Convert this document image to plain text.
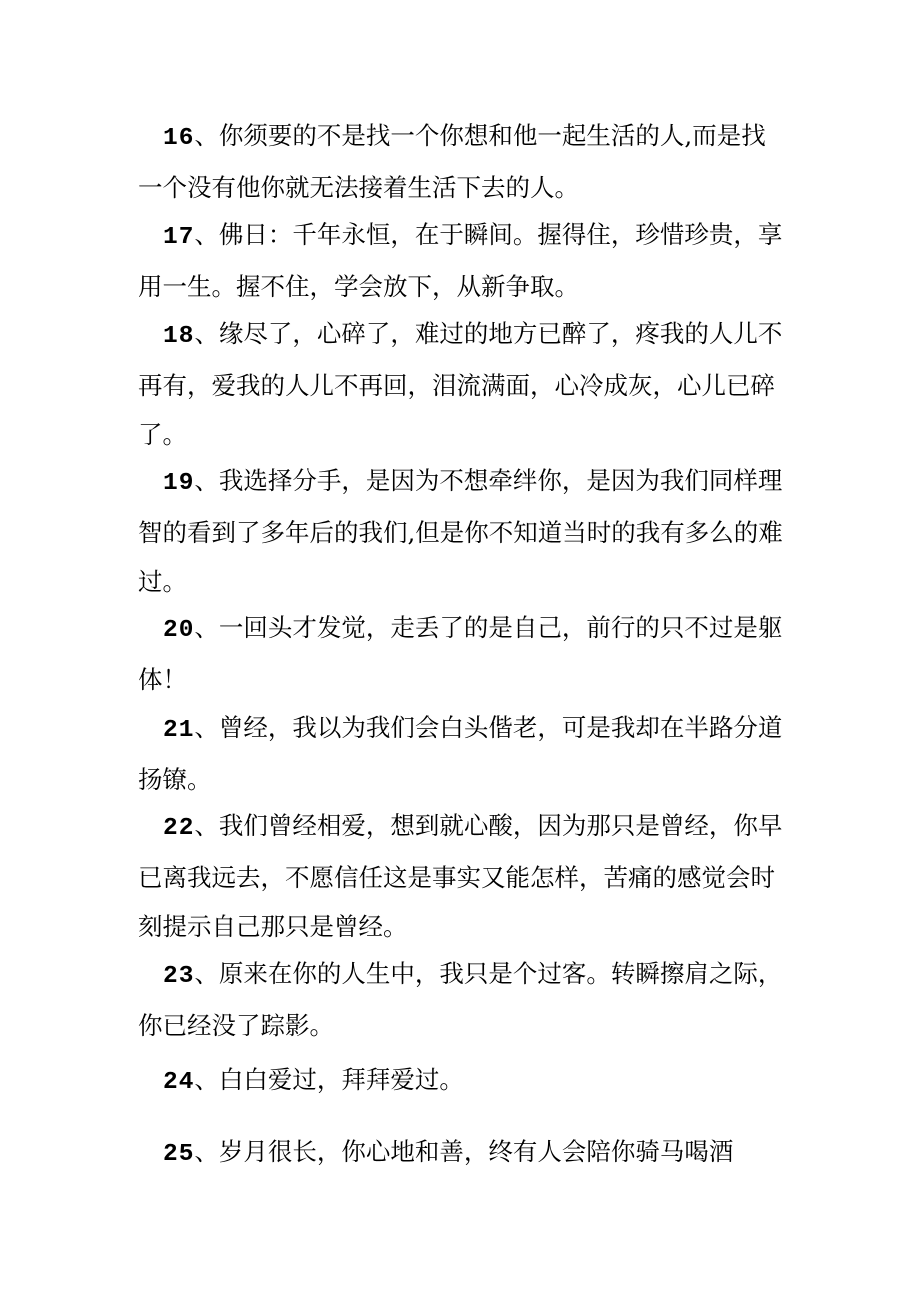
16、你须要的不是找一个你想和他一起生活的人,而是找一个没有他你就无法接着生活下去的人。

17、佛日：千年永恒，在于瞬间。握得住，珍惜珍贵，享用一生。握不住，学会放下，从新争取。

18、缘尽了，心碎了，难过的地方已醉了，疼我的人儿不再有，爱我的人儿不再回，泪流满面，心冷成灰，心儿已碎了。

19、我选择分手，是因为不想牵绊你，是因为我们同样理智的看到了多年后的我们,但是你不知道当时的我有多么的难过。

20、一回头才发觉，走丢了的是自己，前行的只不过是躯体！

21、曾经，我以为我们会白头偕老，可是我却在半路分道扬镣。

22、我们曾经相爱，想到就心酸，因为那只是曾经，你早已离我远去，不愿信任这是事实又能怎样，苦痛的感觉会时刻提示自己那只是曾经。

23、原来在你的人生中，我只是个过客。转瞬擦肩之际，你已经没了踪影。

24、白白爱过，拜拜爱过。

25、岁月很长，你心地和善，终有人会陪你骑马喝酒
